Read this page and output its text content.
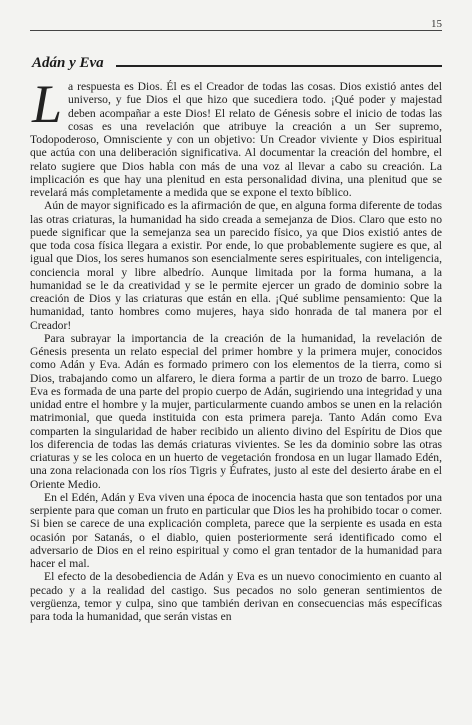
15
Adán y Eva

La respuesta es Dios. Él es el Creador de todas las cosas. Dios existió antes del universo, y fue Dios el que hizo que sucediera todo. ¡Qué poder y majestad deben acompañar a este Dios! El relato de Génesis sobre el inicio de todas las cosas es una revelación que atribuye la creación a un Ser supremo, Todopoderoso, Omnisciente y con un objetivo: Un Creador viviente y Dios espiritual que actúa con una deliberación significativa. Al documentar la creación del hombre, el relato sugiere que Dios habla con más de una voz al llevar a cabo su creación. La implicación es que hay una plenitud en esta personalidad divina, una plenitud que se revelará más completamente a medida que se expone el texto bíblico.

Aún de mayor significado es la afirmación de que, en alguna forma diferente de todas las otras criaturas, la humanidad ha sido creada a semejanza de Dios. Claro que esto no puede significar que la semejanza sea un parecido físico, ya que Dios existió antes de que toda cosa física llegara a existir. Por ende, lo que probablemente sugiere es que, al igual que Dios, los seres humanos son esencialmente seres espirituales, con inteligencia, conciencia moral y libre albedrío. Aunque limitada por la forma humana, a la humanidad se le da creatividad y se le permite ejercer un grado de dominio sobre la creación de Dios y las criaturas que están en ella. ¡Qué sublime pensamiento: Que la humanidad, tanto hombres como mujeres, haya sido honrada de tal manera por el Creador!

Para subrayar la importancia de la creación de la humanidad, la revelación de Génesis presenta un relato especial del primer hombre y la primera mujer, conocidos como Adán y Eva. Adán es formado primero con los elementos de la tierra, como si Dios, trabajando como un alfarero, le diera forma a partir de un trozo de barro. Luego Eva es formada de una parte del propio cuerpo de Adán, sugiriendo una integridad y una unidad entre el hombre y la mujer, particularmente cuando ambos se unen en la relación matrimonial, que queda instituida con esta primera pareja. Tanto Adán como Eva comparten la singularidad de haber recibido un aliento divino del Espíritu de Dios que los diferencia de todas las demás criaturas vivientes. Se les da dominio sobre las otras criaturas y se les coloca en un huerto de vegetación frondosa en un lugar llamado Edén, una zona relacionada con los ríos Tigris y Éufrates, justo al este del desierto árabe en el Oriente Medio.

En el Edén, Adán y Eva viven una época de inocencia hasta que son tentados por una serpiente para que coman un fruto en particular que Dios les ha prohibido tocar o comer. Si bien se carece de una explicación completa, parece que la serpiente es usada en esta ocasión por Satanás, o el diablo, quien posteriormente será identificado como el adversario de Dios en el reino espiritual y como el gran tentador de la humanidad para hacer el mal.

El efecto de la desobediencia de Adán y Eva es un nuevo conocimiento en cuanto al pecado y a la realidad del castigo. Sus pecados no solo generan sentimientos de vergüenza, temor y culpa, sino que también derivan en consecuencias más específicas para toda la humanidad, que serán vistas en
